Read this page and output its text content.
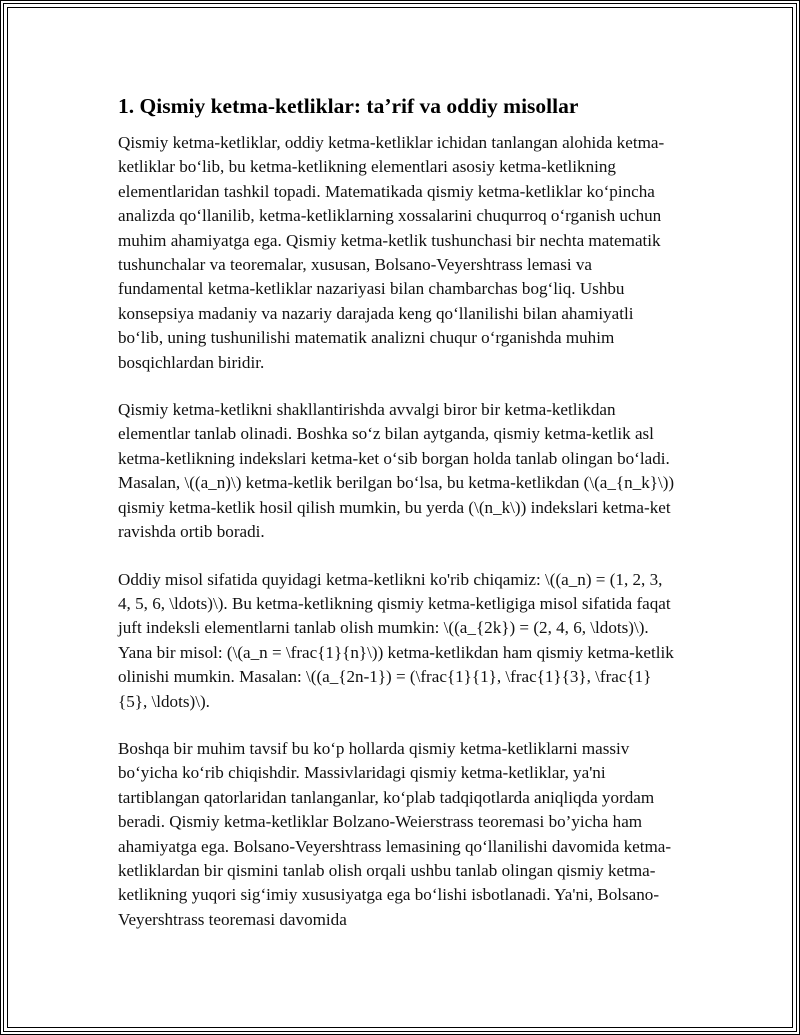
1. Qismiy ketma-ketliklar: ta’rif va oddiy misollar

Qismiy ketma-ketliklar, oddiy ketma-ketliklar ichidan tanlangan alohida ketma-ketliklar bo‘lib, bu ketma-ketlikning elementlari asosiy ketma-ketlikning elementlaridan tashkil topadi. Matematikada qismiy ketma-ketliklar ko‘pincha analizda qo‘llanilib, ketma-ketliklarning xossalarini chuqurroq o‘rganish uchun muhim ahamiyatga ega. Qismiy ketma-ketlik tushunchasi bir nechta matematik tushunchalar va teoremalar, xususan, Bolsano-Veyershtrass lemasi va fundamental ketma-ketliklar nazariyasi bilan chambarchas bog‘liq. Ushbu konsepsiya madaniy va nazariy darajada keng qo‘llanilishi bilan ahamiyatli bo‘lib, uning tushunilishi matematik analizni chuqur o‘rganishda muhim bosqichlardan biridir.

Qismiy ketma-ketlikni shakllantirishda avvalgi biror bir ketma-ketlikdan elementlar tanlab olinadi. Boshka so‘z bilan aytganda, qismiy ketma-ketlik asl ketma-ketlikning indekslari ketma-ket o‘sib borgan holda tanlab olingan bo‘ladi. Masalan, \((a_n)\) ketma-ketlik berilgan bo‘lsa, bu ketma-ketlikdan (\(a_{n_k}\)) qismiy ketma-ketlik hosil qilish mumkin, bu yerda (\(n_k\)) indekslari ketma-ket ravishda ortib boradi.

Oddiy misol sifatida quyidagi ketma-ketlikni ko'rib chiqamiz: \((a_n) = (1, 2, 3, 4, 5, 6, \ldots)\). Bu ketma-ketlikning qismiy ketma-ketligiga misol sifatida faqat juft indeksli elementlarni tanlab olish mumkin: \((a_{2k}) = (2, 4, 6, \ldots)\). Yana bir misol: (\(a_n = \frac{1}{n}\)) ketma-ketlikdan ham qismiy ketma-ketlik olinishi mumkin. Masalan: \((a_{2n-1}) = (\frac{1}{1}, \frac{1}{3}, \frac{1}{5}, \ldots)\).

Boshqa bir muhim tavsif bu ko‘p hollarda qismiy ketma-ketliklarni massiv bo‘yicha ko‘rib chiqishdir. Massivlaridagi qismiy ketma-ketliklar, ya'ni tartiblangan qatorlaridan tanlanganlar, ko‘plab tadqiqotlarda aniqliqda yordam beradi. Qismiy ketma-ketliklar Bolzano-Weierstrass teoremasi bo’yicha ham ahamiyatga ega. Bolsano-Veyershtrass lemasining qo‘llanilishi davomida ketma-ketliklardan bir qismini tanlab olish orqali ushbu tanlab olingan qismiy ketma-ketlikning yuqori sig‘imiy xususiyatga ega bo‘lishi isbotlanadi. Ya'ni, Bolsano-Veyershtrass teoremasi davomida
